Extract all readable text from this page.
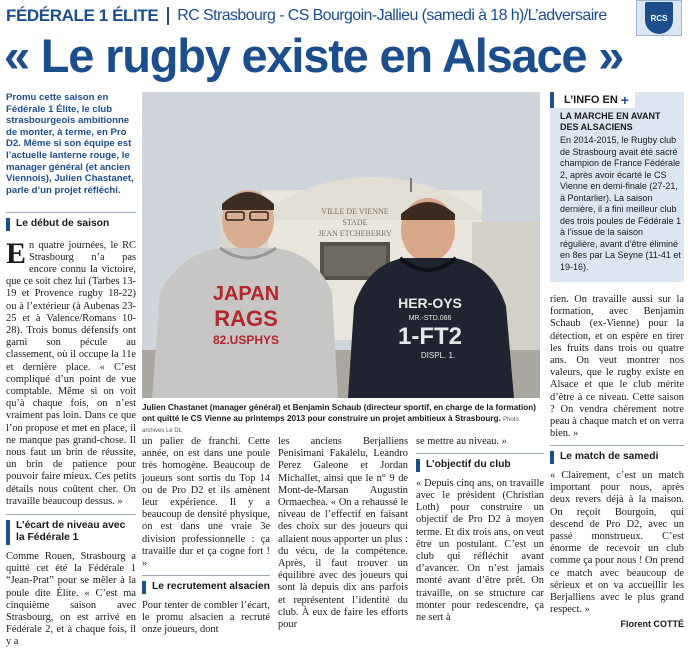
FÉDÉRALE 1 ÉLITE RC Strasbourg - CS Bourgoin-Jallieu (samedi à 18 h)/L’adversaire	RCS
« Le rugby existe en Alsace »
Promu cette saison en Fédérale 1 Élite, le club strasbourgeois ambitionne de monter, à terme, en Pro D2. Même si son équipe est l’actuelle lanterne rouge, le manager général (et ancien Viennois), Julien Chastanet, parle d’un projet réfléchi.
VILLE DE VIENNE
STADE
JEAN ETCHEBERRY
JAPAN
RAGS
82.USPHYS
HER-OYS
MR.-STD.066
1-FT2
DISPL. 1.
Julien Chastanet (manager général) et Benjamin Schaub (directeur sportif, en charge de la formation) ont quitté le CS Vienne au printemps 2013 pour construire un projet ambitieux à Strasbourg. Photo archives Le DL
L’INFO EN +
LA MARCHE EN AVANT DES ALSACIENS
En 2014-2015, le Rugby club de Strasbourg avait été sacré champion de France Fédérale 2, après avoir écarté le CS Vienne en demi-finale (27-21, à Pontarlier). La saison dernière, il a fini meilleur club des trois poules de Fédérale 1 à l’issue de la saison régulière, avant d’être éliminé en 8es par La Seyne (11-41 et 19-16).
Le début de saison
En quatre journées, le RC Strasbourg n’a pas encore connu la victoire, que ce soit chez lui (Tarbes 13-19 et Provence rugby 18-22) ou à l’extérieur (à Aubenas 23-25 et à Valence/Romans 10-28). Trois bonus défensifs ont garni son pécule au classement, où il occupe la 11e et dernière place. « C’est compliqué d’un point de vue comptable. Même si on voit qu’à chaque fois, on n’est vraiment pas loin. Dans ce que l’on propose et met en place, il ne manque pas grand-chose. Il nous faut un brin de réussite, un brin de patience pour pouvoir faire mieux. Ces petits détails nous coûtent cher. On travaille beaucoup dessus. »
L’écart de niveau avec la Fédérale 1
Comme Rouen, Strasbourg a quitté cet été la Fédérale 1 “Jean-Prat” pour se mêler à la poule dite Élite. « C’est ma cinquième saison avec Strasbourg, on est arrivé en Fédérale 2, et à chaque fois, il y a
un palier de franchi. Cette année, on est dans une poule très homogène. Beaucoup de joueurs sont sortis du Top 14 ou de Pro D2 et ils amènent leur expérience. Il y a beaucoup de densité physique, on est dans une vraie 3e division professionnelle : ça travaille dur et ça cogne fort ! »
Le recrutement alsacien
Pour tenter de combler l’écart, le promu alsacien a recruté onze joueurs, dont
les anciens Berjalliens Penisimani Fakalelu, Leandro Perez Galeone et Jordan Michallet, ainsi que le n° 9 de Mont-de-Marsan Augustin Ormaechea. « On a rehaussé le niveau de l’effectif en faisant des choix sur des joueurs qui allaient nous apporter un plus : du vécu, de la compétence. Après, il faut trouver un équilibre avec des joueurs qui sont là depuis dix ans parfois et représentent l’identité du club. À eux de faire les efforts pour
se mettre au niveau. »
L’objectif du club
« Depuis cinq ans, on travaille avec le président (Christian Loth) pour construire un objectif de Pro D2 à moyen terme. Et dix trois ans, on veut être un postulant. C’est un club qui réfléchit avant d’avancer. On n’est jamais monté avant d’être prêt. On travaille, on se structure car monter pour redescendre, ça ne sert à
rien. On travaille aussi sur la formation, avec Benjamin Schaub (ex-Vienne) pour la détection, et on espère en tirer les fruits dans trois ou quatre ans. On veut montrer nos valeurs, que le rugby existe en Alsace et que le club mérite d’être à ce niveau. Cette saison ? On vendra chèrement notre peau à chaque match et on verra bien. »
Le match de samedi
« Clairement, c’est un match important pour nous, après deux revers déjà à la maison. On reçoit Bourgoin, qui descend de Pro D2, avec un passé monstrueux. C’est énorme de recevoir un club comme ça pour nous ! On prend ce match avec beaucoup de sérieux et on va accueillir les Berjalliens avec le plus grand respect. »
Florent COTTÉ
